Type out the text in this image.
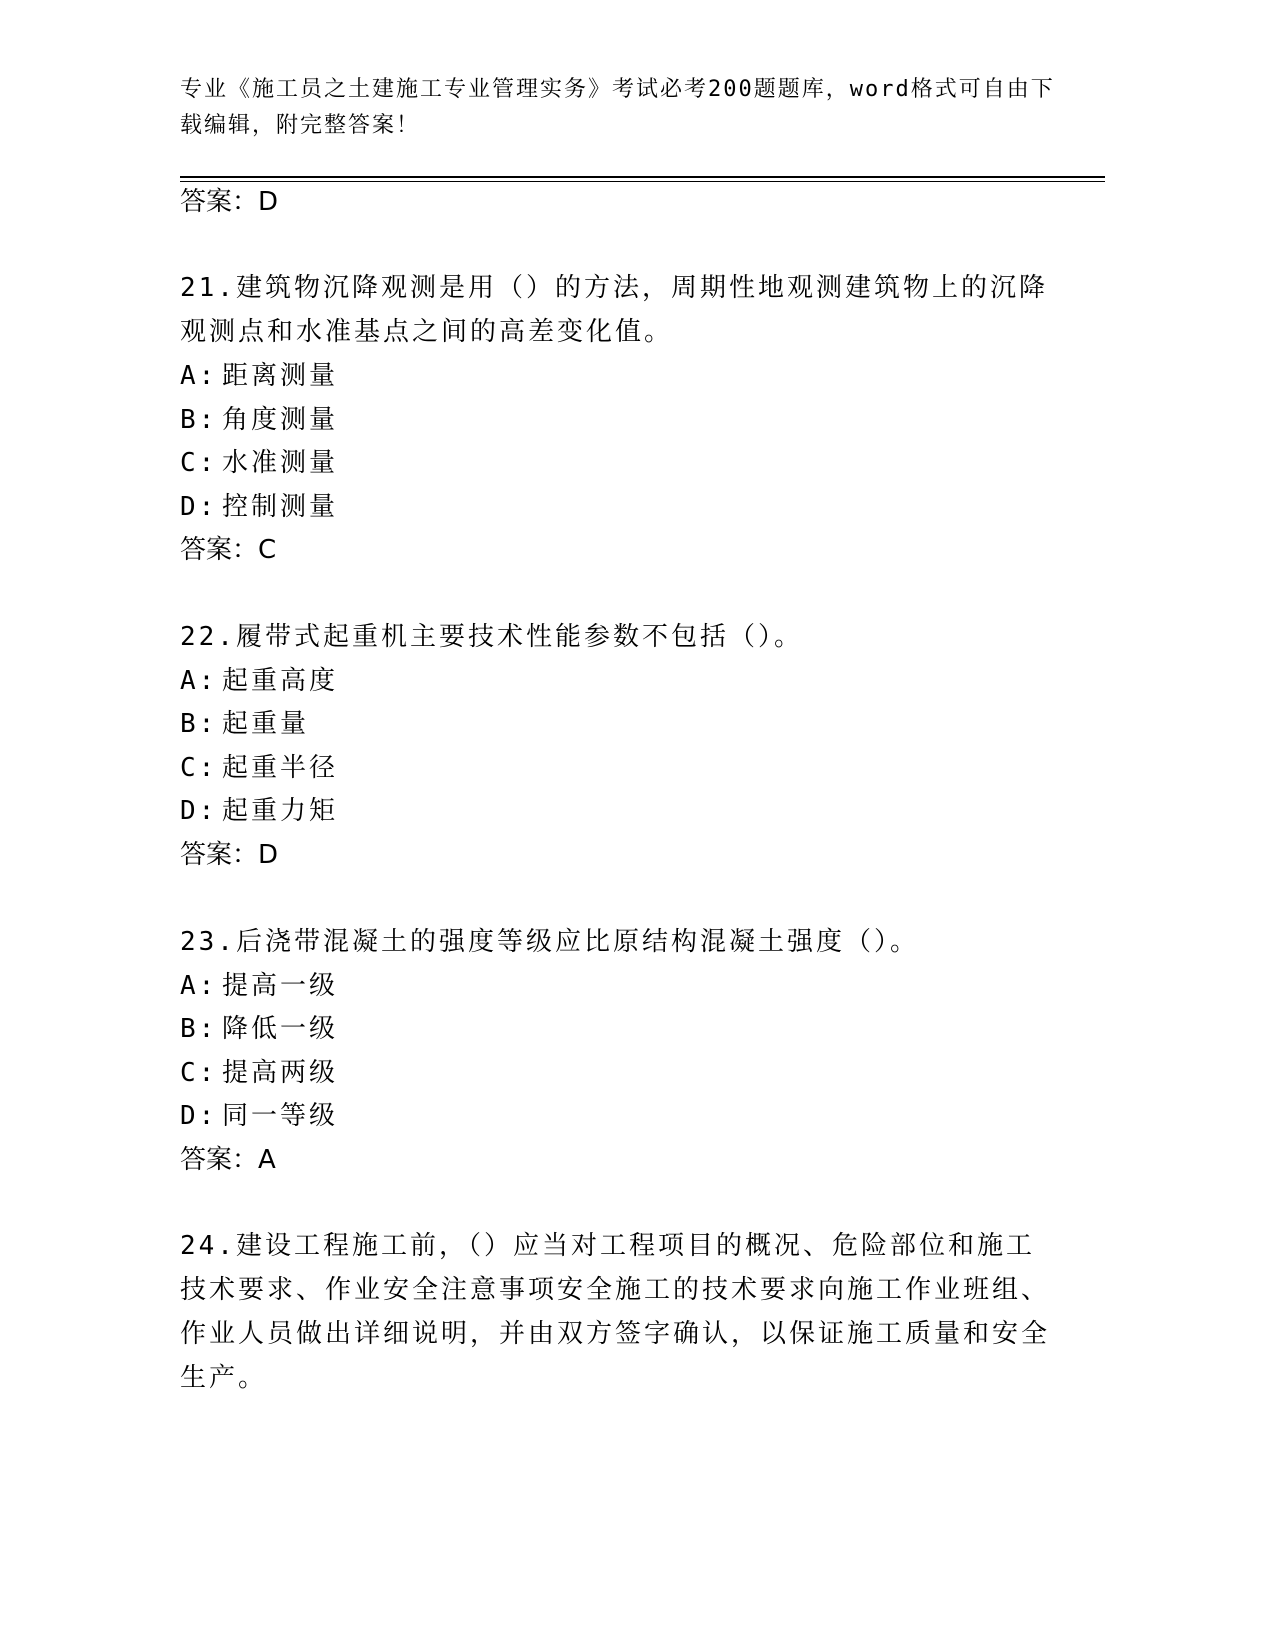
专业《施工员之土建施工专业管理实务》考试必考200题题库，word格式可自由下载编辑，附完整答案！
答案：D
21.建筑物沉降观测是用（）的方法，周期性地观测建筑物上的沉降观测点和水准基点之间的高差变化值。
A: 距离测量
B: 角度测量
C: 水准测量
D: 控制测量
答案：C
22.履带式起重机主要技术性能参数不包括（）。
A: 起重高度
B: 起重量
C: 起重半径
D: 起重力矩
答案：D
23.后浇带混凝土的强度等级应比原结构混凝土强度（）。
A: 提高一级
B: 降低一级
C: 提高两级
D: 同一等级
答案：A
24.建设工程施工前，（）应当对工程项目的概况、危险部位和施工技术要求、作业安全注意事项安全施工的技术要求向施工作业班组、作业人员做出详细说明，并由双方签字确认，以保证施工质量和安全生产。
